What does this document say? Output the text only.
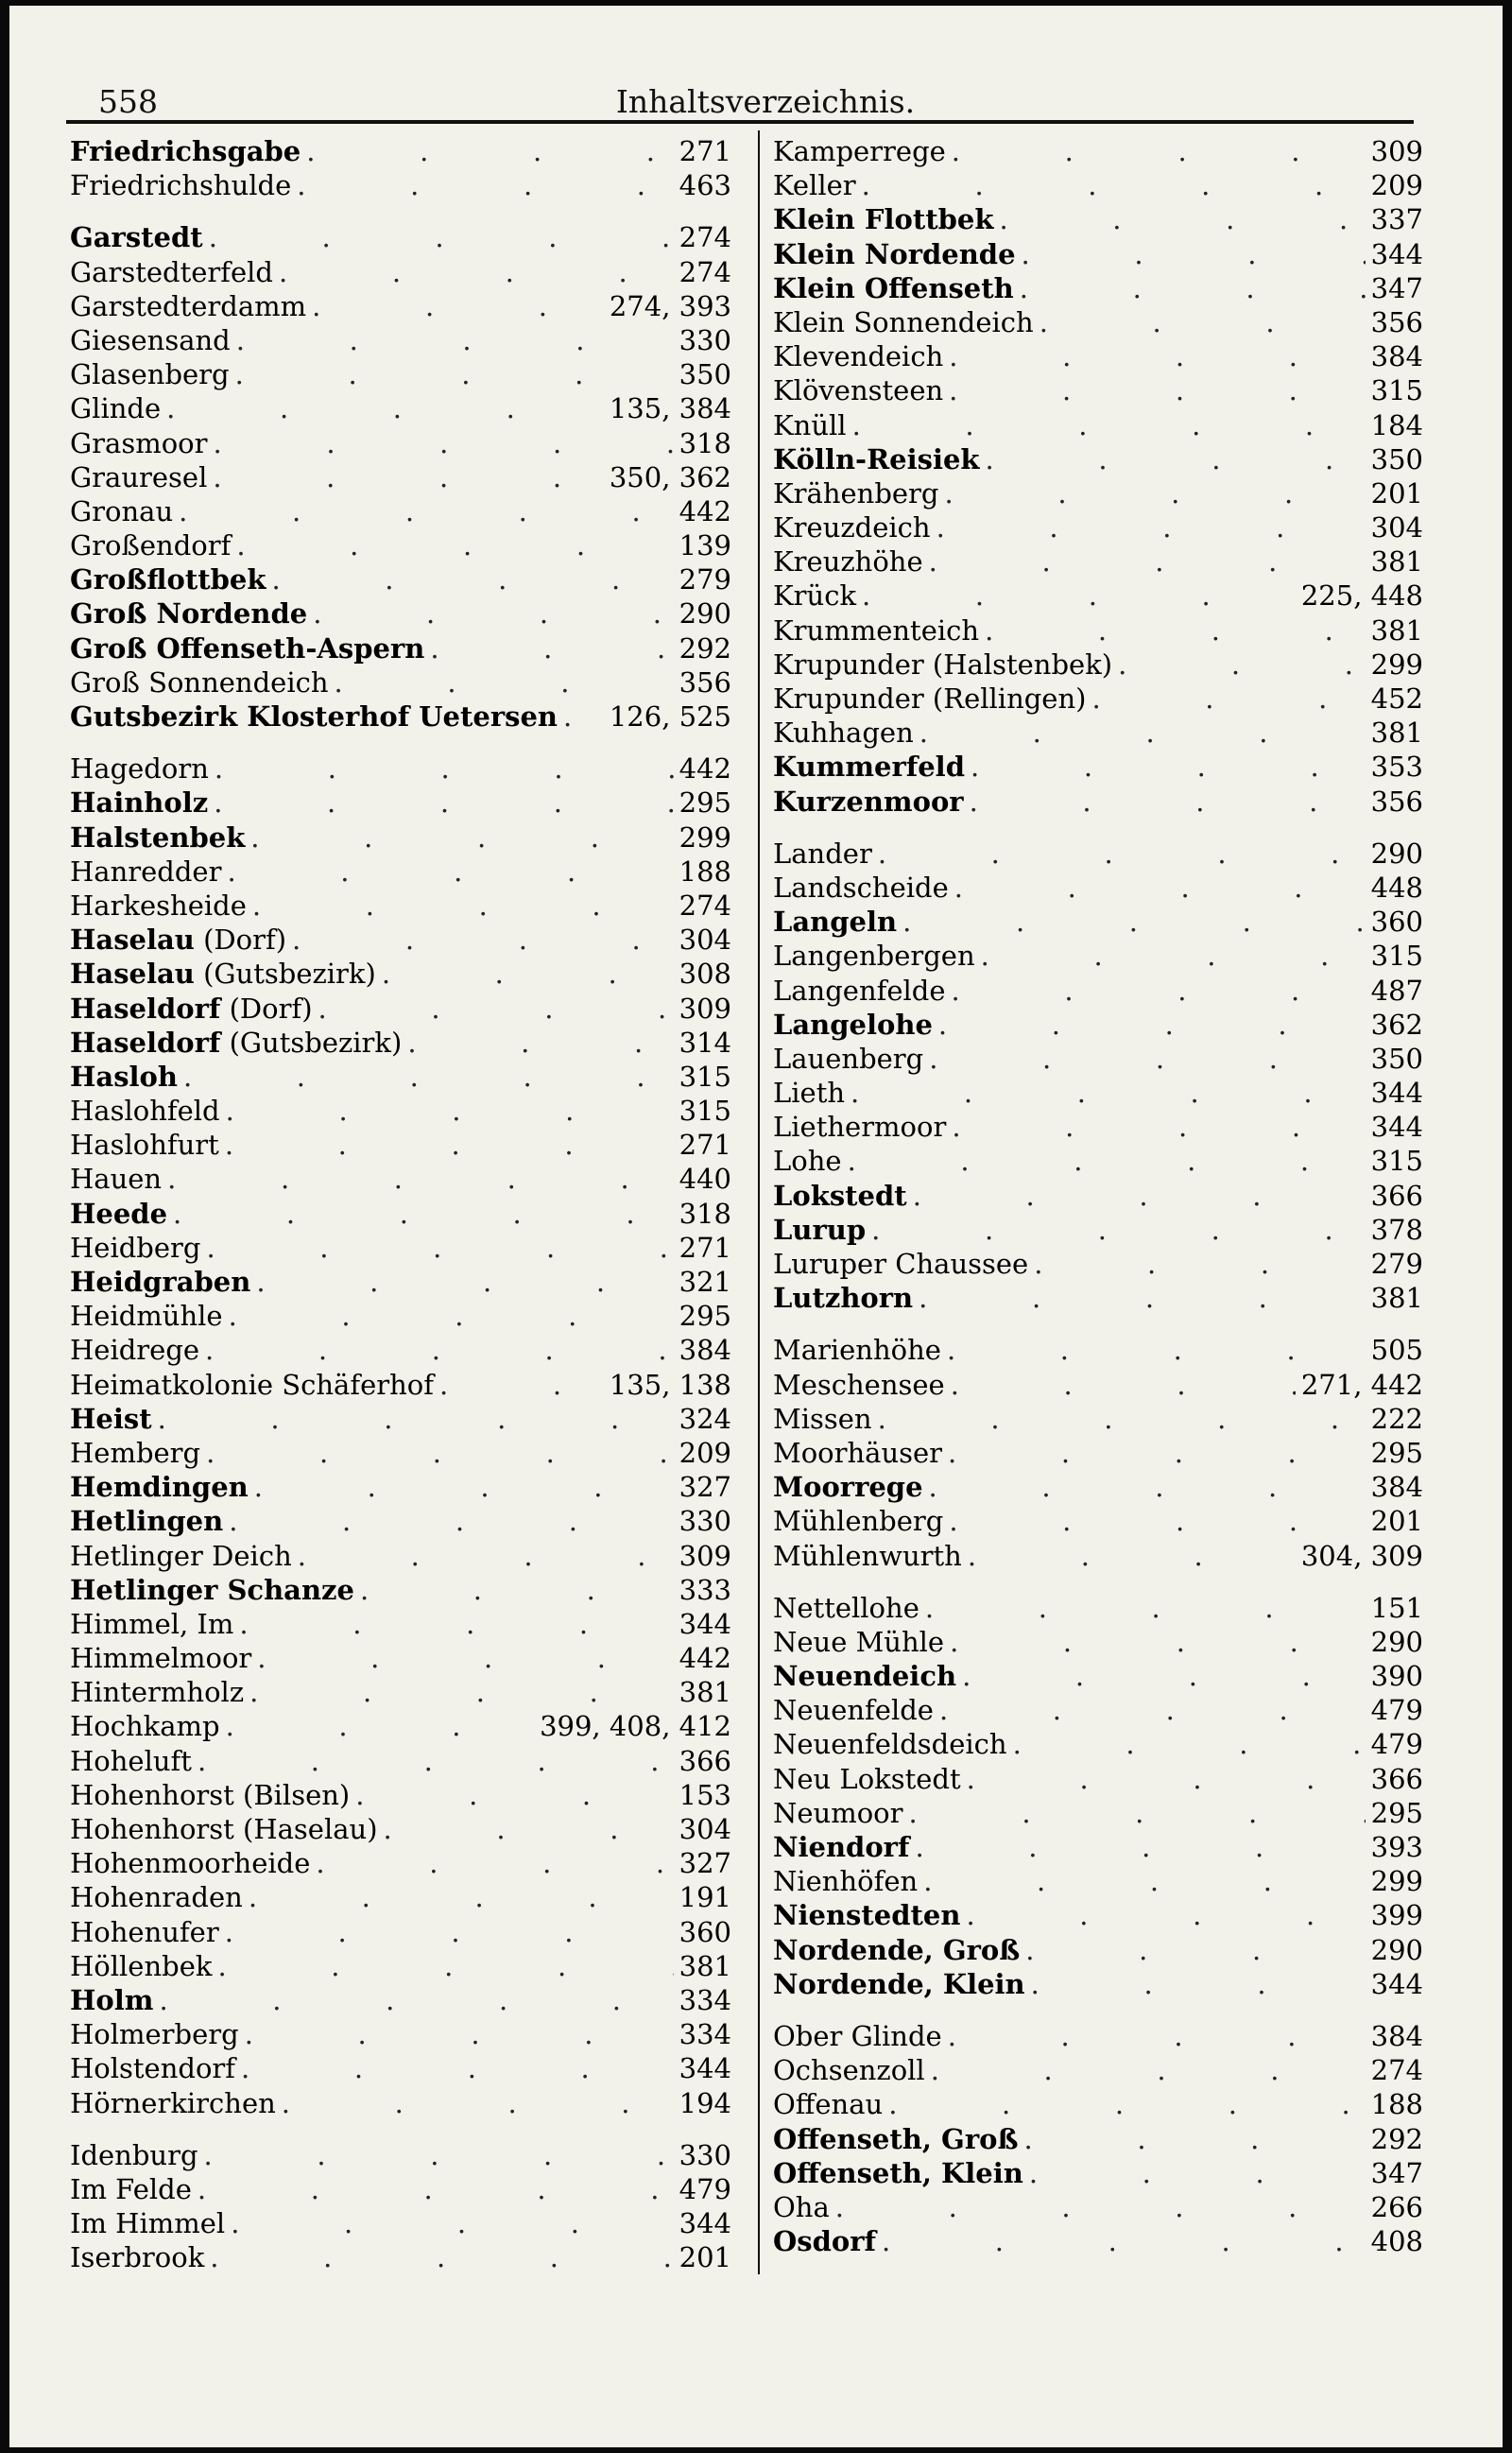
558	Inhaltsverzeichnis.
Friedrichsgabe .	271
Friedrichshulde .	463
Garstedt .	274
Garstedterfeld .	274
Garstedterdamm .	274, 393
Giesensand .	330
Glasenberg .	350
Glinde .	135, 384
Grasmoor .	318
Grauresel .	350, 362
Gronau .	442
Großendorf .	139
Großflottbek .	279
Groß Nordende .	290
Groß Offenseth-Aspern .	292
Groß Sonnendeich .	356
Gutsbezirk Klosterhof Uetersen . 126, 525
Hagedorn .	442
Hainholz .	295
Halstenbek .	299
Hanredder .	188
Harkesheide .	274
Haselau (Dorf) .	304
Haselau (Gutsbezirk) .	308
Haseldorf (Dorf) .	309
Haseldorf (Gutsbezirk) .	314
Hasloh .	315
Haslohfeld .	315
Haslohfurt .	271
Hauen .	440
Heede .	318
Heidberg .	271
Heidgraben .	321
Heidmühle .	295
Heidrege .	384
Heimatkolonie Schäferhof .	135, 138
Heist .	324
Hemberg .	209
Hemdingen .	327
Hetlingen .	330
Hetlinger Deich .	309
Hetlinger Schanze .	333
Himmel, Im .	344
Himmelmoor .	442
Hintermholz .	381
Hochkamp .	399, 408, 412
Hoheluft .	366
Hohenhorst (Bilsen) .	153
Hohenhorst (Haselau) .	304
Hohenmoorheide .	327
Hohenraden .	191
Hohenufer .	360
Höllenbek .	381
Holm .	334
Holmerberg .	334
Holstendorf .	344
Hörnerkirchen .	194
Idenburg .	330
Im Felde .	479
Im Himmel .	344
Iserbrook .	201
Kamperrege .	309
Keller .	209
Klein Flottbek .	337
Klein Nordende .	344
Klein Offenseth .	347
Klein Sonnendeich .	356
Klevendeich .	384
Klövensteen .	315
Knüll .	184
Kölln-Reisiek .	350
Krähenberg .	201
Kreuzdeich .	304
Kreuzhöhe .	381
Krück .	225, 448
Krummenteich .	381
Krupunder (Halstenbek) .	299
Krupunder (Rellingen) .	452
Kuhhagen .	381
Kummerfeld .	353
Kurzenmoor .	356
Lander .	290
Landscheide .	448
Langeln .	360
Langenbergen .	315
Langenfelde .	487
Langelohe .	362
Lauenberg .	350
Lieth .	344
Liethermoor .	344
Lohe .	315
Lokstedt .	366
Lurup .	378
Luruper Chaussee .	279
Lutzhorn .	381
Marienhöhe .	505
Meschensee .	271, 442
Missen .	222
Moorhäuser .	295
Moorrege .	384
Mühlenberg .	201
Mühlenwurth .	304, 309
Nettellohe .	151
Neue Mühle .	290
Neuendeich .	390
Neuenfelde .	479
Neuenfeldsdeich .	479
Neu Lokstedt .	366
Neumoor .	295
Niendorf .	393
Nienhöfen .	299
Nienstedten .	399
Nordende, Groß .	290
Nordende, Klein .	344
Ober Glinde .	384
Ochsenzoll .	274
Offenau .	188
Offenseth, Groß .	292
Offenseth, Klein .	347
Oha .	266
Osdorf .	408
